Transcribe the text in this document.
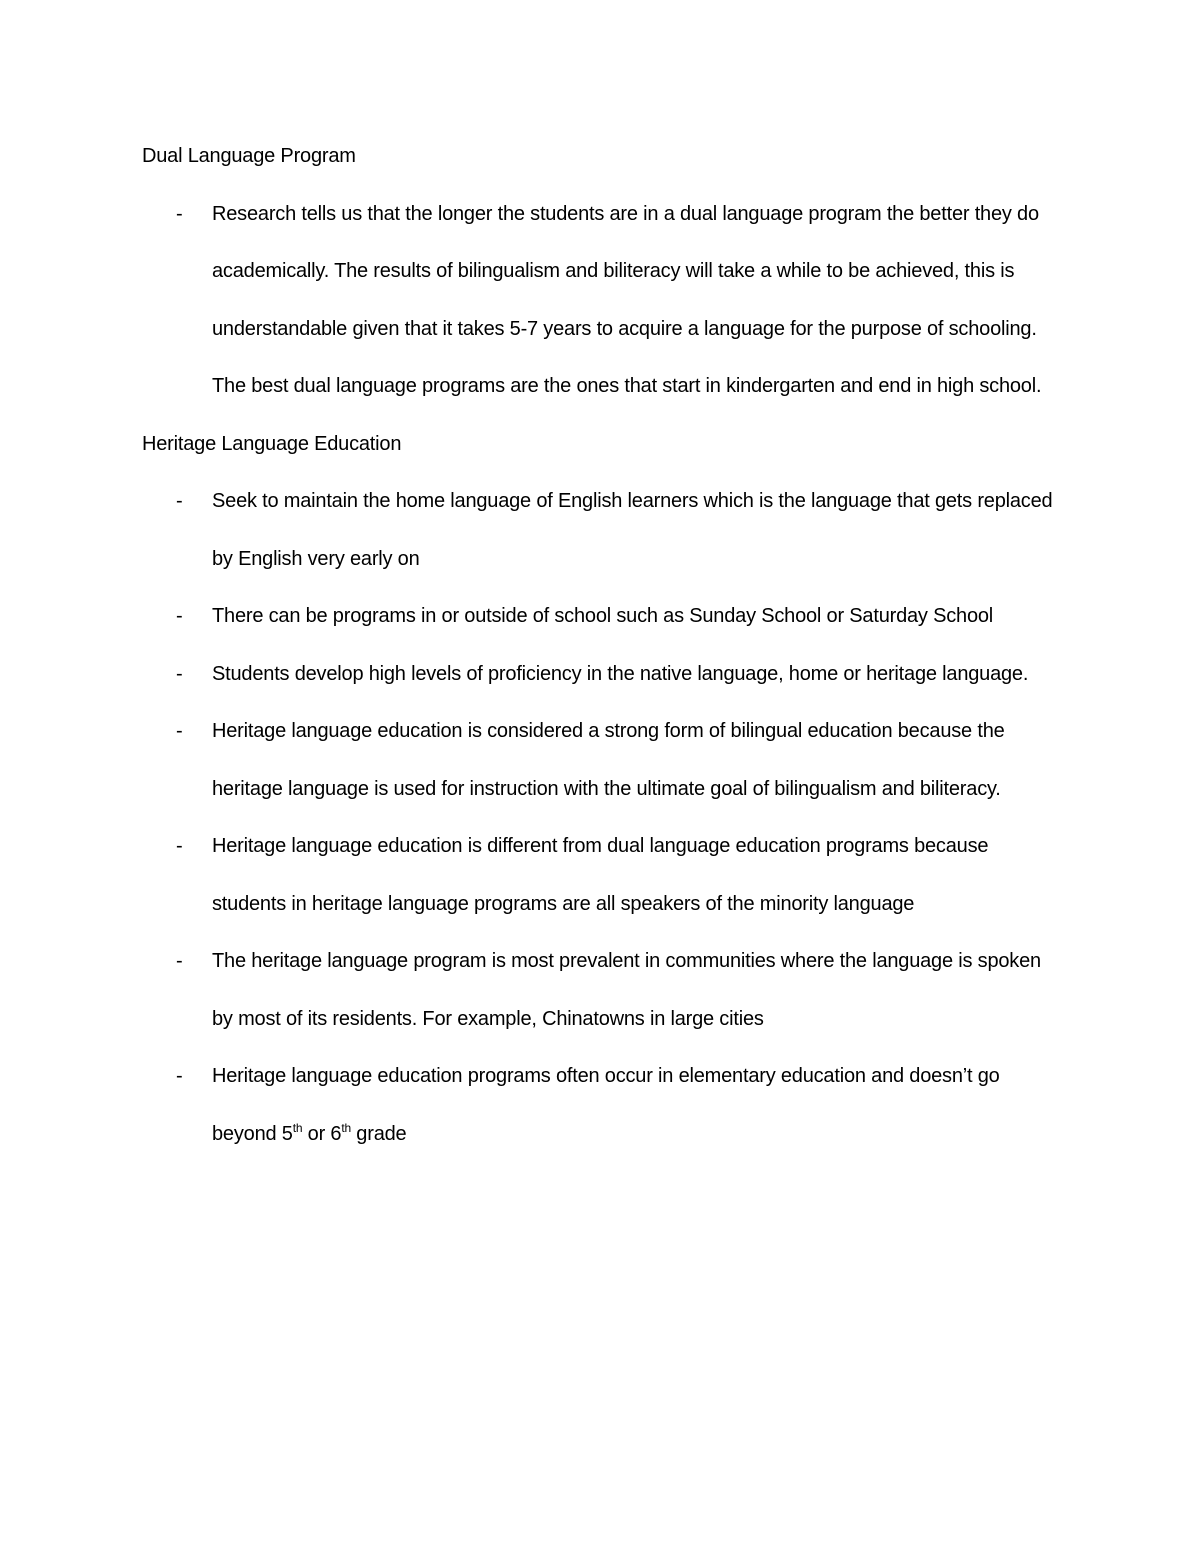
Dual Language Program
- Research tells us that the longer the students are in a dual language program the better they do academically. The results of bilingualism and biliteracy will take a while to be achieved, this is understandable given that it takes 5-7 years to acquire a language for the purpose of schooling. The best dual language programs are the ones that start in kindergarten and end in high school.
Heritage Language Education
- Seek to maintain the home language of English learners which is the language that gets replaced by English very early on
- There can be programs in or outside of school such as Sunday School or Saturday School
- Students develop high levels of proficiency in the native language, home or heritage language.
- Heritage language education is considered a strong form of bilingual education because the heritage language is used for instruction with the ultimate goal of bilingualism and biliteracy.
- Heritage language education is different from dual language education programs because students in heritage language programs are all speakers of the minority language
- The heritage language program is most prevalent in communities where the language is spoken by most of its residents. For example, Chinatowns in large cities
- Heritage language education programs often occur in elementary education and doesn’t go beyond 5th or 6th grade
